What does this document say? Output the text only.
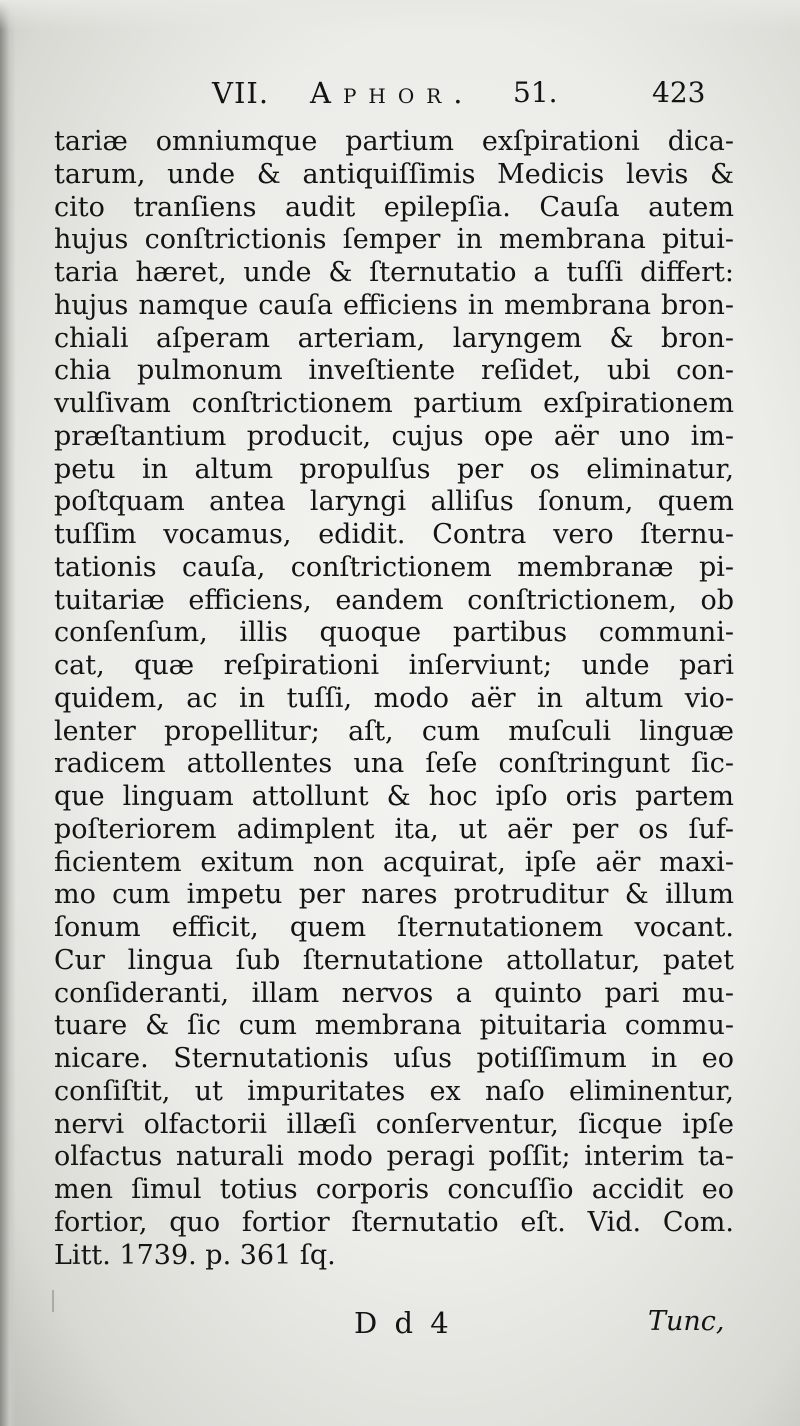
VII. Aphor. 51.	423
tariæ omniumque partium exſpirationi dica-
tarum, unde & antiquiſſimis Medicis levis &
cito tranſiens audit epilepſia. Cauſa autem
hujus conſtrictionis ſemper in membrana pitui-
taria hæret, unde & ſternutatio a tuſſi differt:
hujus namque cauſa efficiens in membrana bron-
chiali aſperam arteriam, laryngem & bron-
chia pulmonum inveſtiente reſidet, ubi con-
vulſivam conſtrictionem partium exſpirationem
præſtantium producit, cujus ope aër uno im-
petu in altum propulſus per os eliminatur,
poſtquam antea laryngi alliſus ſonum, quem
tuſſim vocamus, edidit. Contra vero ſternu-
tationis cauſa, conſtrictionem membranæ pi-
tuitariæ efficiens, eandem conſtrictionem, ob
conſenſum, illis quoque partibus communi-
cat, quæ reſpirationi inſerviunt; unde pari
quidem, ac in tuſſi, modo aër in altum vio-
lenter propellitur; aſt, cum muſculi linguæ
radicem attollentes una ſeſe conſtringunt ſic-
que linguam attollunt & hoc ipſo oris partem
poſteriorem adimplent ita, ut aër per os ſuf-
ficientem exitum non acquirat, ipſe aër maxi-
mo cum impetu per nares protruditur & illum
ſonum efficit, quem ſternutationem vocant.
Cur lingua ſub ſternutatione attollatur, patet
conſideranti, illam nervos a quinto pari mu-
tuare & ſic cum membrana pituitaria commu-
nicare. Sternutationis uſus potiſſimum in eo
conſiſtit, ut impuritates ex naſo eliminentur,
nervi olfactorii illæſi conſerventur, ſicque ipſe
olfactus naturali modo peragi poſſit; interim ta-
men ſimul totius corporis concuſſio accidit eo
fortior, quo fortior ſternutatio eſt. Vid. Com.
Litt. 1739. p. 361 ſq.
D d 4	Tunc,
